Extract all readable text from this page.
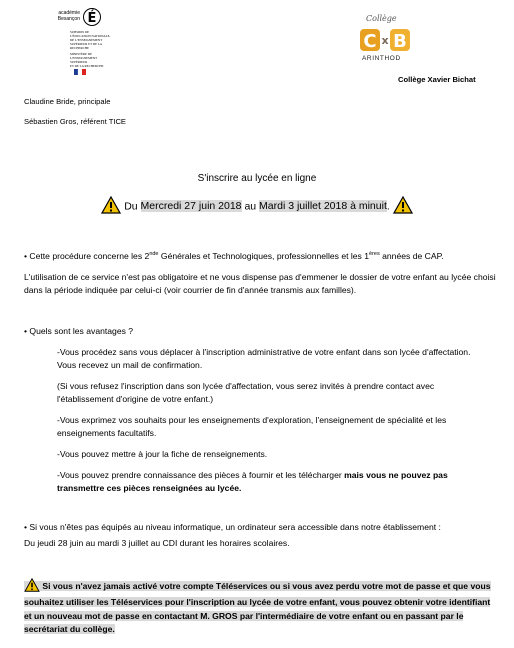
académie
Besançon É
SUBSIDIS DE
L'ÉDUCATION NATIONALE,
DE L'ENSEIGNEMENT
SUPÉRIEUR ET DE LA RECHERCHE
MINISTÈRE DE
L'ENSEIGNEMENT SUPÉRIEUR
ET DE LA RECHERCHE
Collège
C x B
ARINTHOD
Collège Xavier Bichat
Claudine Bride, principale
Sébastien Gros, référent TICE
S'inscrire au lycée en ligne
Du Mercredi 27 juin 2018 au Mardi 3 juillet 2018 à minuit.
• Cette procédure concerne les 2nde Générales et Technologiques, professionnelles et les 1ères années de CAP.
L'utilisation de ce service n'est pas obligatoire et ne vous dispense pas d'emmener le dossier de votre enfant au lycée choisi dans la période indiquée par celui-ci (voir courrier de fin d'année transmis aux familles).
• Quels sont les avantages ?
-Vous procédez sans vous déplacer à l'inscription administrative de votre enfant dans son lycée d'affectation. Vous recevez un mail de confirmation.
(Si vous refusez l'inscription dans son lycée d'affectation, vous serez invités à prendre contact avec l'établissement d'origine de votre enfant.)
-Vous exprimez vos souhaits pour les enseignements d'exploration, l'enseignement de spécialité et les enseignements facultatifs.
-Vous pouvez mettre à jour la fiche de renseignements.
-Vous pouvez prendre connaissance des pièces à fournir et les télécharger mais vous ne pouvez pas transmettre ces pièces renseignées au lycée.
• Si vous n'êtes pas équipés au niveau informatique, un ordinateur sera accessible dans notre établissement :
Du jeudi 28 juin au mardi 3 juillet au CDI durant les horaires scolaires.
Si vous n'avez jamais activé votre compte Téléservices ou si vous avez perdu votre mot de passe et que vous souhaitez utiliser les Téléservices pour l'inscription au lycée de votre enfant, vous pouvez obtenir votre identifiant et un nouveau mot de passe en contactant M. GROS par l'intermédiaire de votre enfant ou en passant par le secrétariat du collège.
